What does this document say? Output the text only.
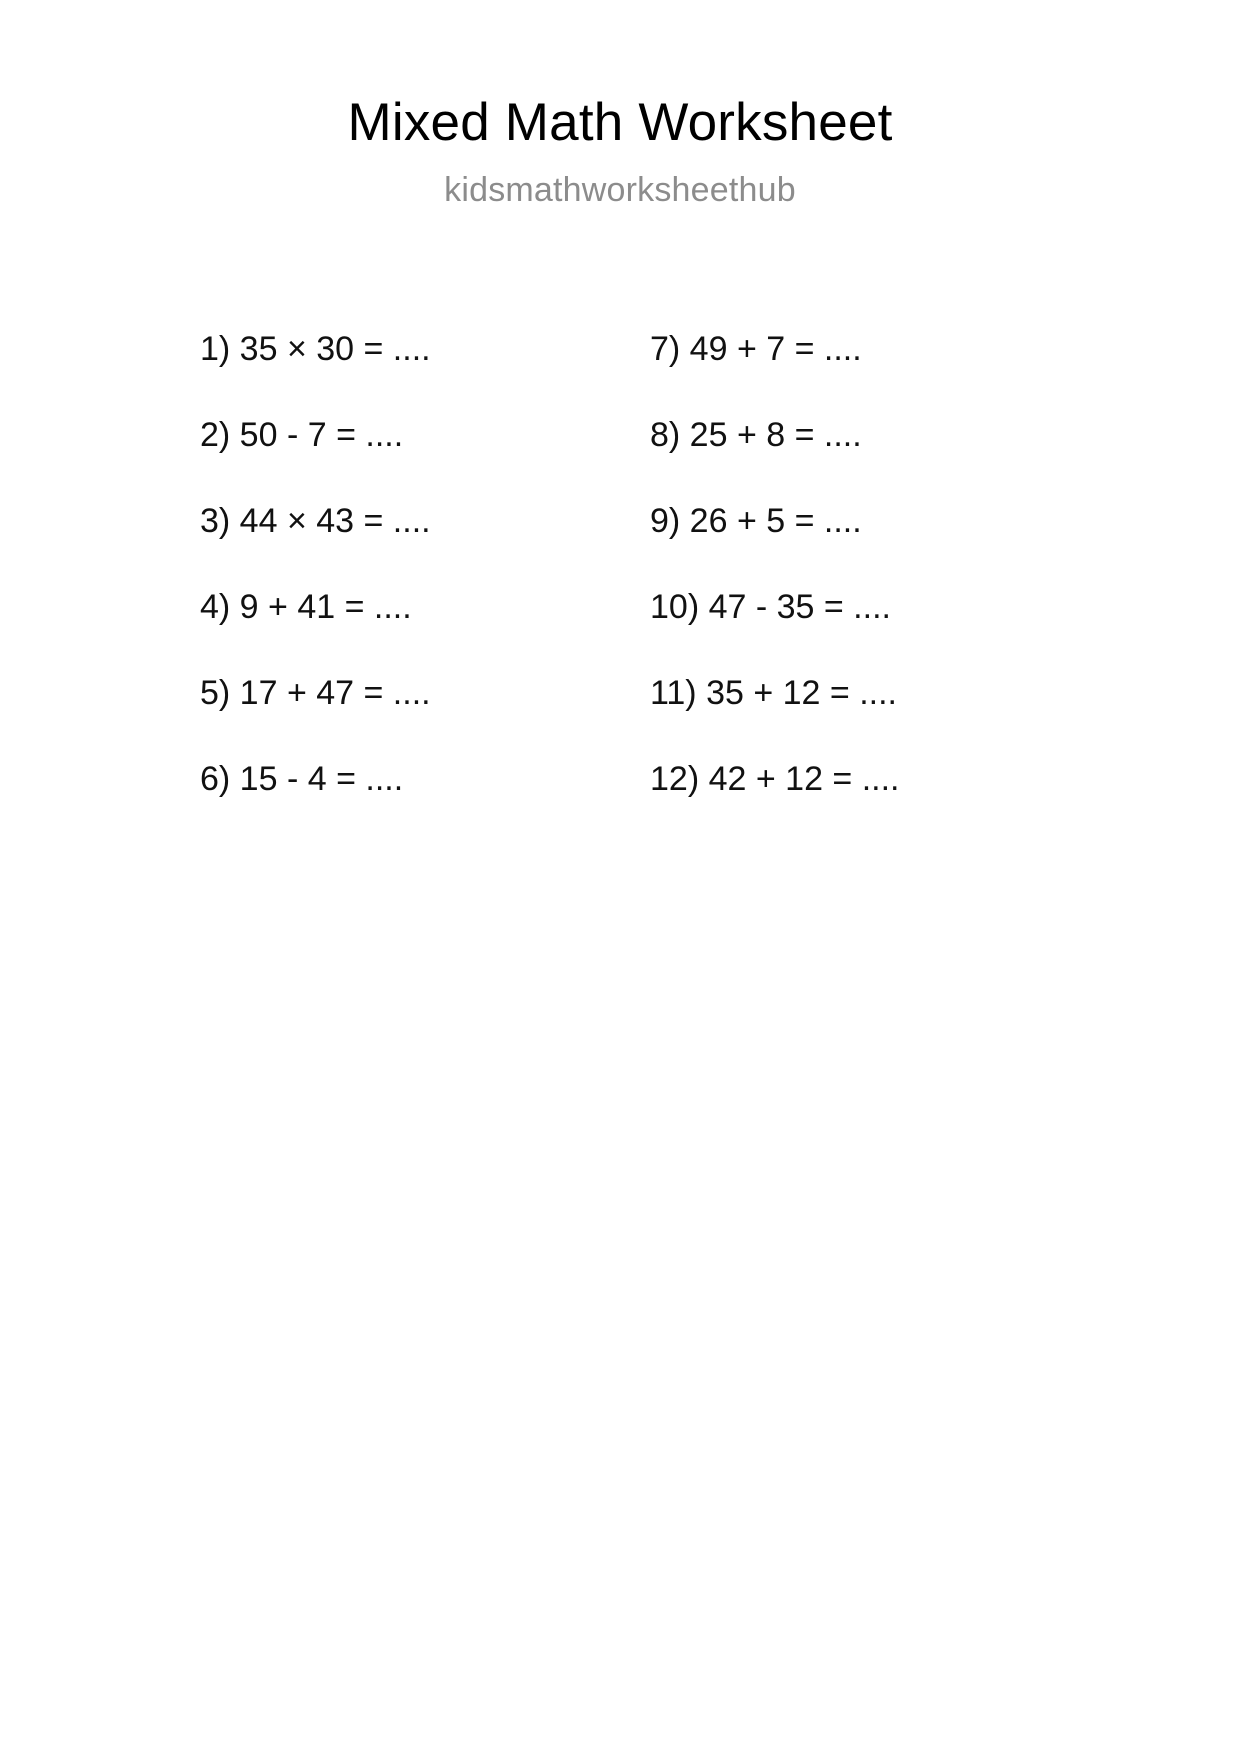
Mixed Math Worksheet
kidsmathworksheethub
1) 35 × 30 = ....
2) 50 - 7 = ....
3) 44 × 43 = ....
4) 9 + 41 = ....
5) 17 + 47 = ....
6) 15 - 4 = ....
7) 49 + 7 = ....
8) 25 + 8 = ....
9) 26 + 5 = ....
10) 47 - 35 = ....
11) 35 + 12 = ....
12) 42 + 12 = ....
